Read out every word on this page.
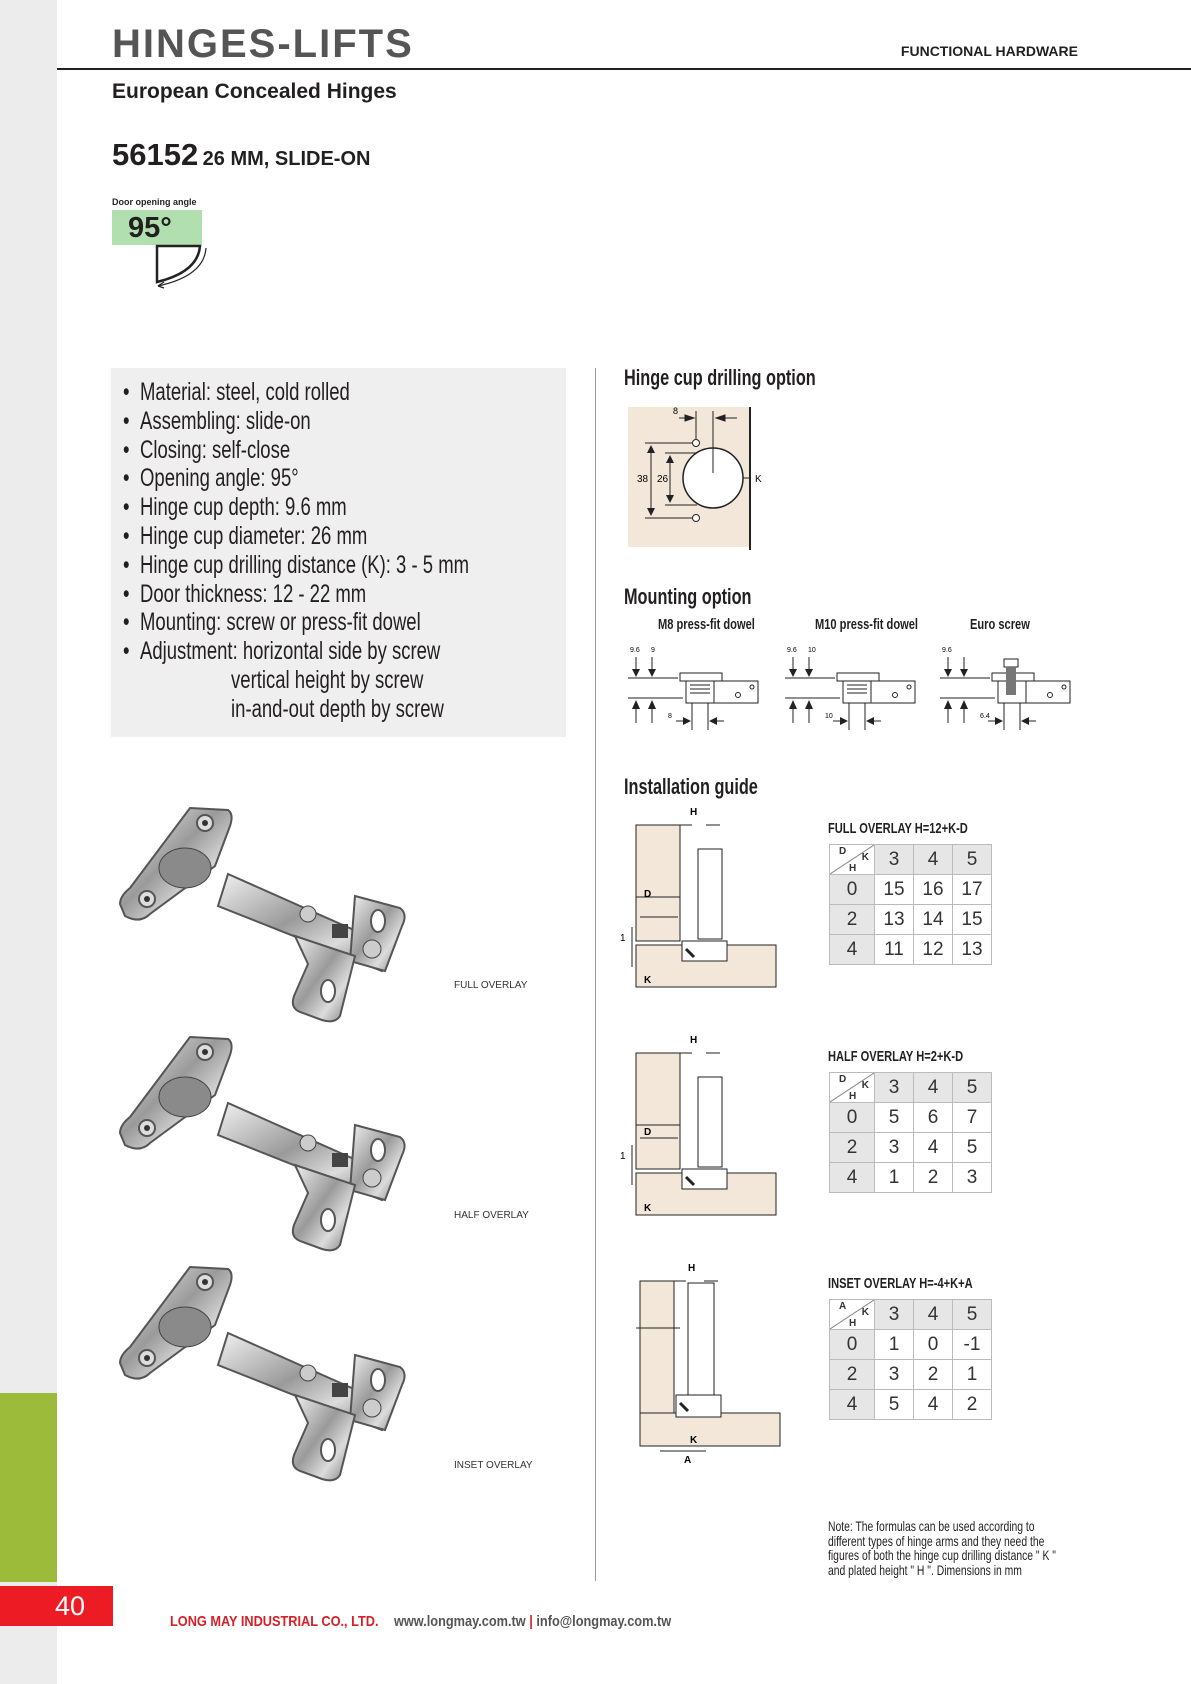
40
HINGES-LIFTS	FUNCTIONAL HARDWARE
European Concealed Hinges
56152 26 MM, SLIDE-ON
Door opening angle
95°
• Material: steel, cold rolled
• Assembling: slide-on
• Closing: self-close
• Opening angle: 95°
• Hinge cup depth: 9.6 mm
• Hinge cup diameter: 26 mm
• Hinge cup drilling distance (K): 3 - 5 mm
• Door thickness: 12 - 22 mm
• Mounting: screw or press-fit dowel
• Adjustment: horizontal side by screw
vertical height by screw
in-and-out depth by screw
Hinge cup drilling option
8
38 26	K
Mounting option
M8 press-fit dowel
9.6 9
8
M10 press-fit dowel
9.6 10
10
Euro screw
9.6
6.4
Installation guide
H
K
D
1
H
K
D
1
H
K
A
FULL OVERLAY H=12+K-D
D
K
H	3	4	5
0	15	16	17
2	13	14	15
4	11	12	13
HALF OVERLAY H=2+K-D
D
K
H	3	4	5
0	5	6	7
2	3	4	5
4	1	2	3
INSET OVERLAY H=-4+K+A
A
K
H	3	4	5
0	1	0	-1
2	3	2	1
4	5	4	2
FULL OVERLAY
HALF OVERLAY
INSET OVERLAY
Note: The formulas can be used according to different types of hinge arms and they need the figures of both the hinge cup drilling distance " K " and plated height " H ". Dimensions in mm
LONG MAY INDUSTRIAL CO., LTD. www.longmay.com.tw | info@longmay.com.tw
